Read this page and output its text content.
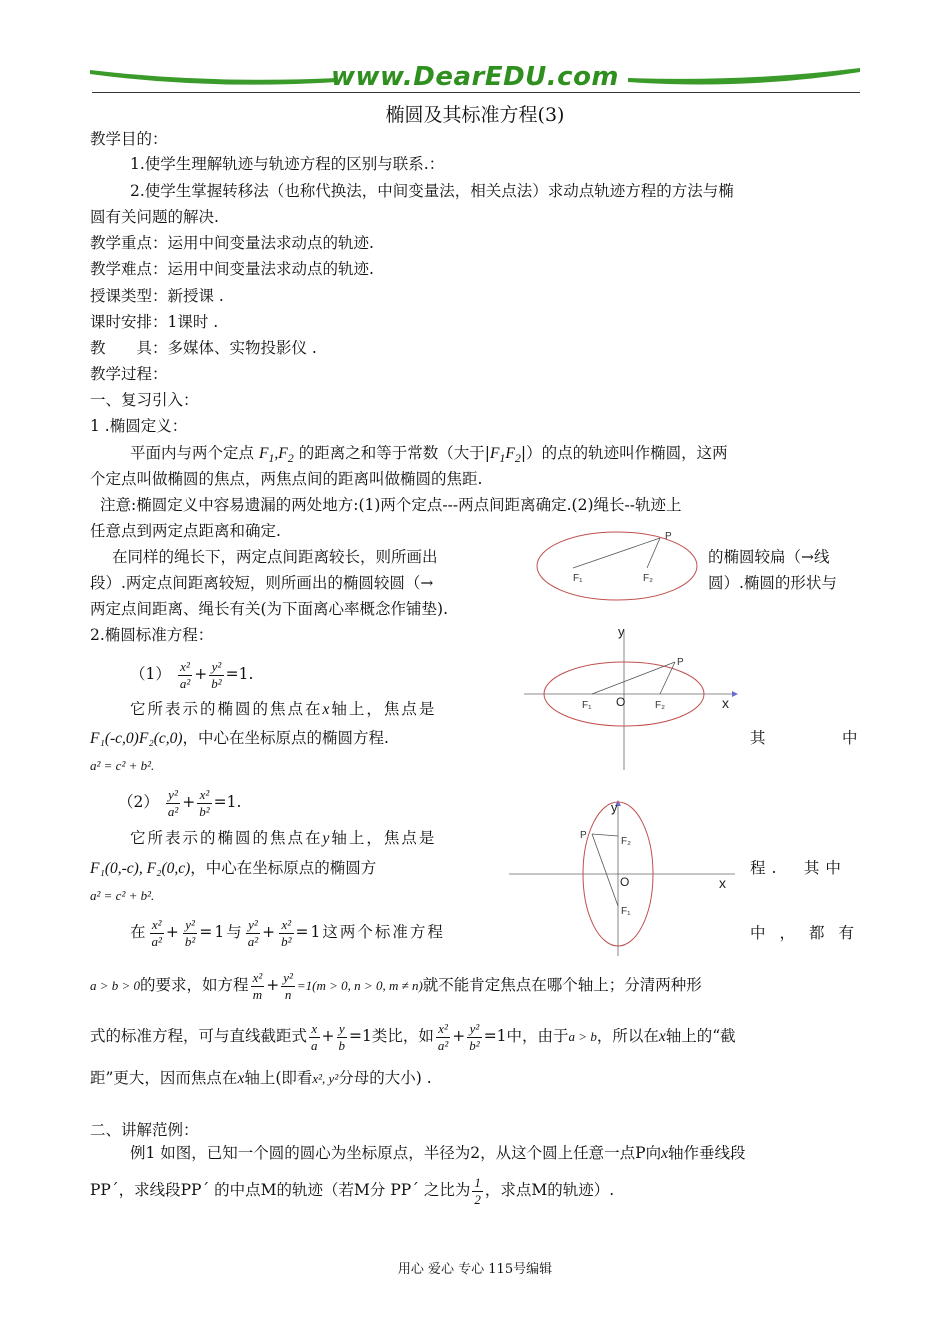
www.DearEDU.com
椭圆及其标准方程(3)
教学目的：
1.使学生理解轨迹与轨迹方程的区别与联系.：
2.使学生掌握转移法（也称代换法，中间变量法，相关点法）求动点轨迹方程的方法与椭
圆有关问题的解决.
教学重点：运用中间变量法求动点的轨迹.
教学难点：运用中间变量法求动点的轨迹.
授课类型：新授课 .
课时安排：1课时 .
教　　具：多媒体、实物投影仪 .
教学过程：
一、复习引入：
1 .椭圆定义：
平面内与两个定点 $F_1,F_2$ 的距离之和等于常数（大于$|F_1F_2|$）的点的轨迹叫作椭圆，这两
个定点叫做椭圆的焦点，两焦点间的距离叫做椭圆的焦距.
注意:椭圆定义中容易遗漏的两处地方:(1)两个定点---两点间距离确定.(2)绳长--轨迹上
任意点到两定点距离和确定.
在同样的绳长下，两定点间距离较长，则所画出	的椭圆较扁（→线
段）.两定点间距离较短，则所画出的椭圆较圆（→	圆）.椭圆的形状与
两定点间距离、绳长有关(为下面离心率概念作铺垫).
P
F₁	F₂
2.椭圆标准方程：
$(1) \frac{\text{x²}}{\text{a²}} + \frac{\text{y²}}{\text{b²}} =1$.
它所表示的椭圆的焦点在x轴上，焦点是
F₁(-c,0)F₂(c,0)，中心在坐标原点的椭圆方程.	其	中
a² = c² + b².
y
P
F₁ O	F₂	x
$(2) \frac{\text{y²}}{\text{a²}} + \frac{\text{x²}}{\text{b²}} =1$.
它所表示的椭圆的焦点在y轴上，焦点是
F₁(0,-c), F₂(0,c)，中心在坐标原点的椭圆方	程.　其中
a² = c² + b².
y
P
F₂
O	x
F₁
在 $\frac{\text{x²}}{\text{a²}} + \frac{\text{y²}}{\text{b²}} =1$与 $\frac{\text{y²}}{\text{a²}} + \frac{\text{x²}}{\text{b²}} =1$这两个标准方程	中，都有
a > b > 0的要求，如方程 $\frac{\text{x²}}{m} + \frac{\text{y²}}{n} =1(m > 0$, n > 0, m ≠ n)就不能肯定焦点在哪个轴上；分清两种形
式的标准方程，可与直线截距式 $\frac{x}{a} + \frac{y}{b} =1$类比，如 $\frac{\text{x²}}{\text{a²}} + \frac{\text{y²}}{\text{b²}} =1$中，由于a > b，所以在x轴上的“截
距”更大，因而焦点在x轴上(即看x², y²分母的大小) .
二、讲解范例：
例1 如图，已知一个圆的圆心为坐标原点，半径为2，从这个圆上任意一点P向x轴作垂线段
PP´，求线段PP´ 的中点M的轨迹（若M分 PP´ 之比为 $\frac{1}{2}$ ，求点M的轨迹）.
用心 爱心 专心 115号编辑
